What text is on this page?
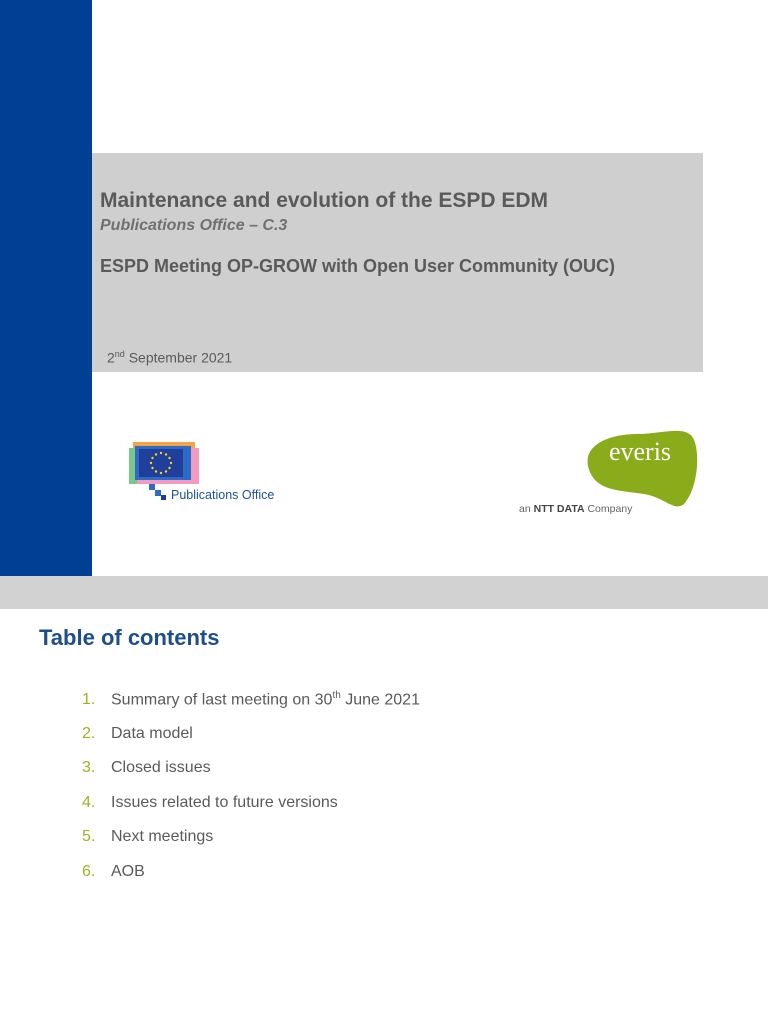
Maintenance and evolution of the ESPD EDM
Publications Office – C.3
ESPD Meeting OP-GROW with Open User Community (OUC)
2nd September 2021
Publications Office
everis
an NTT DATA Company
Table of contents
1. Summary of last meeting on 30th June 2021
2. Data model
3. Closed issues
4. Issues related to future versions
5. Next meetings
6. AOB
